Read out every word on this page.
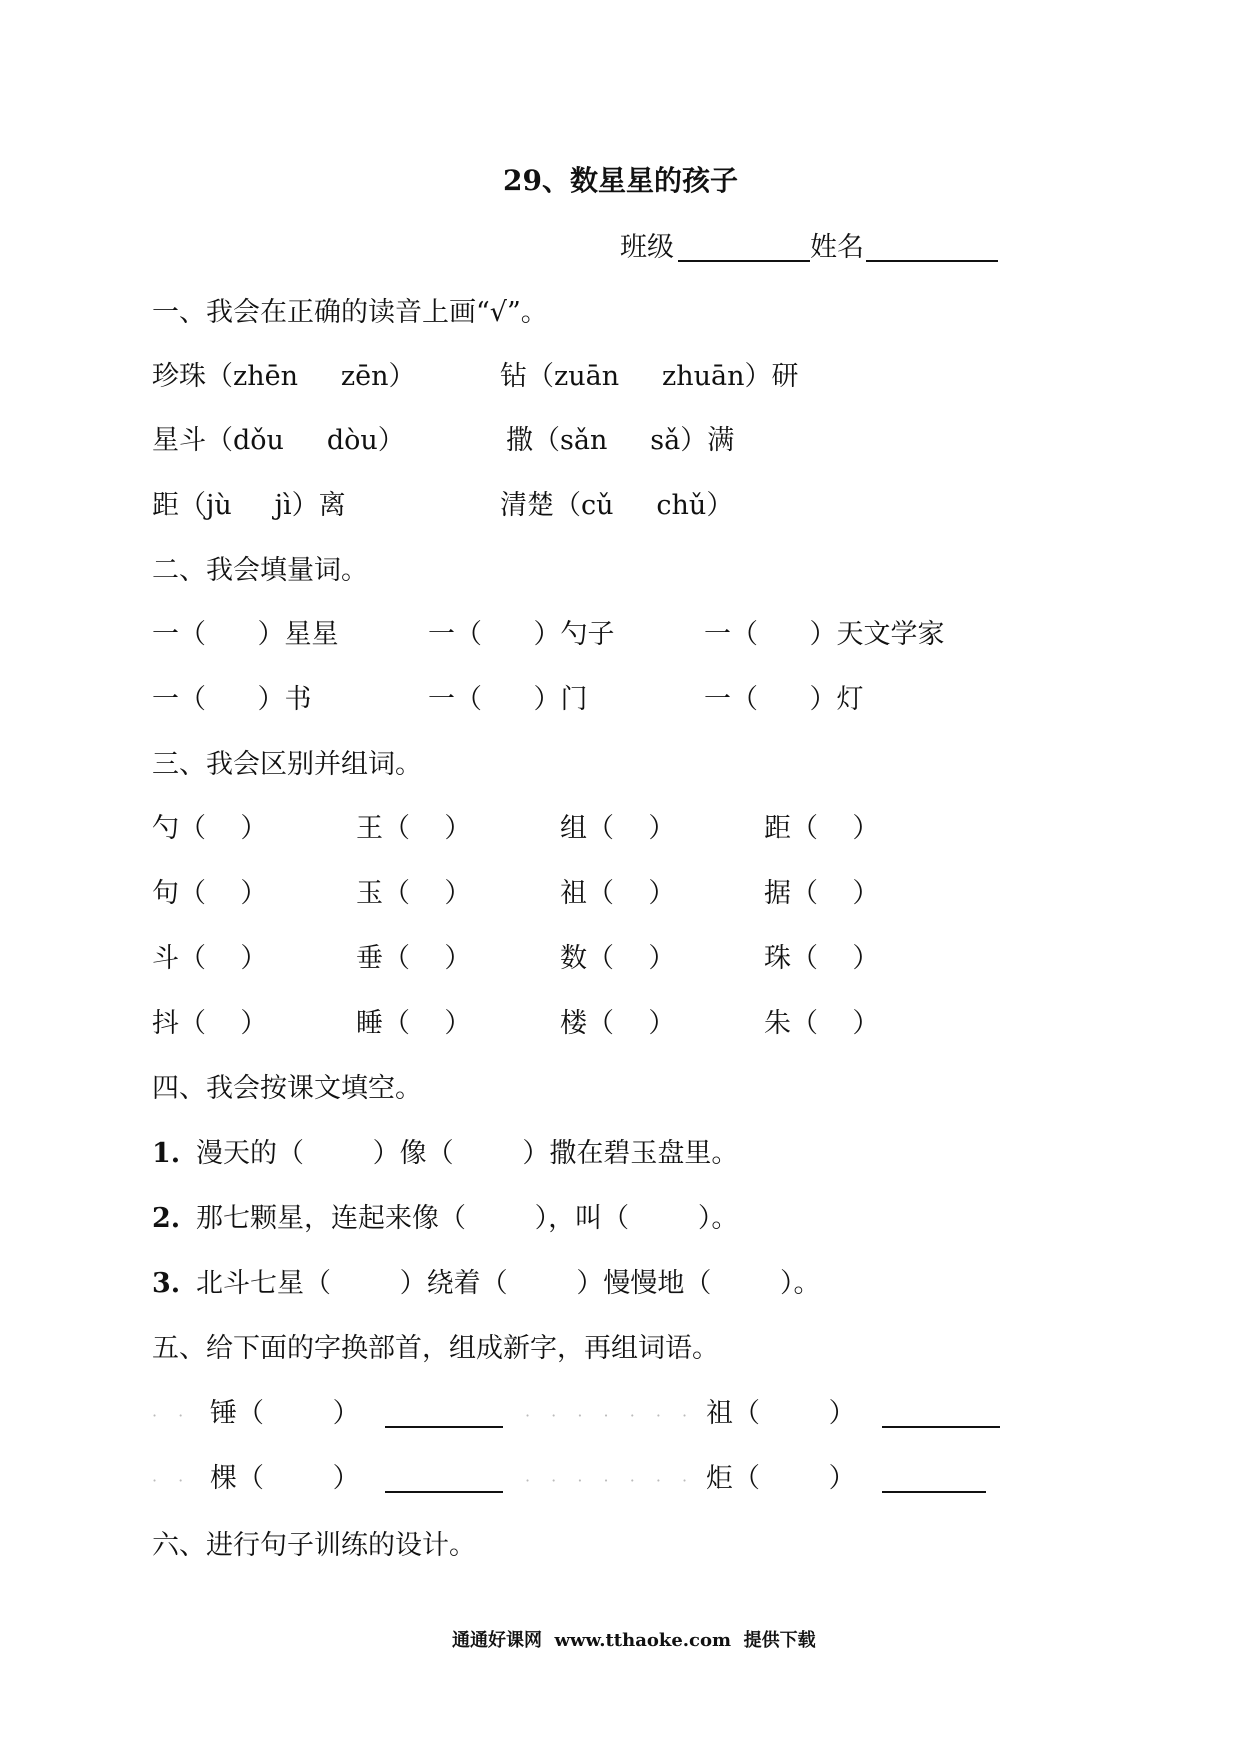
29、数星星的孩子
班级	姓名
一、我会在正确的读音上画“√”。
珍珠（zhēn     zēn）	钻（zuān     zhuān）研
星斗（dǒu     dòu）	撒（sǎn     sǎ）满
距（jù     jì）离	清楚（cǔ     chǔ）
二、我会填量词。
一（      ）星星	一（      ）勺子	一（      ）天文学家
一（      ）书	一（      ）门	一（      ）灯
三、我会区别并组词。
勺（    ）	王（    ）	组（    ）	距（    ）
句（    ）	玉（    ）	祖（    ）	据（    ）
斗（    ）	垂（    ）	数（    ）	珠（    ）
抖（    ）	睡（    ）	楼（    ）	朱（    ）
四、我会按课文填空。
1. 漫天的（        ）像（        ）撒在碧玉盘里。
2. 那七颗星，连起来像（        ），叫（        ）。
3. 北斗七星（        ）绕着（        ）慢慢地（        ）。
五、给下面的字换部首，组成新字，再组词语。
· · 锤（        ）	· · · · · · · 祖（        ）
· · 棵（        ）	· · · · · · · 炬（        ）
六、进行句子训练的设计。
通通好课网  www.tthaoke.com  提供下载
